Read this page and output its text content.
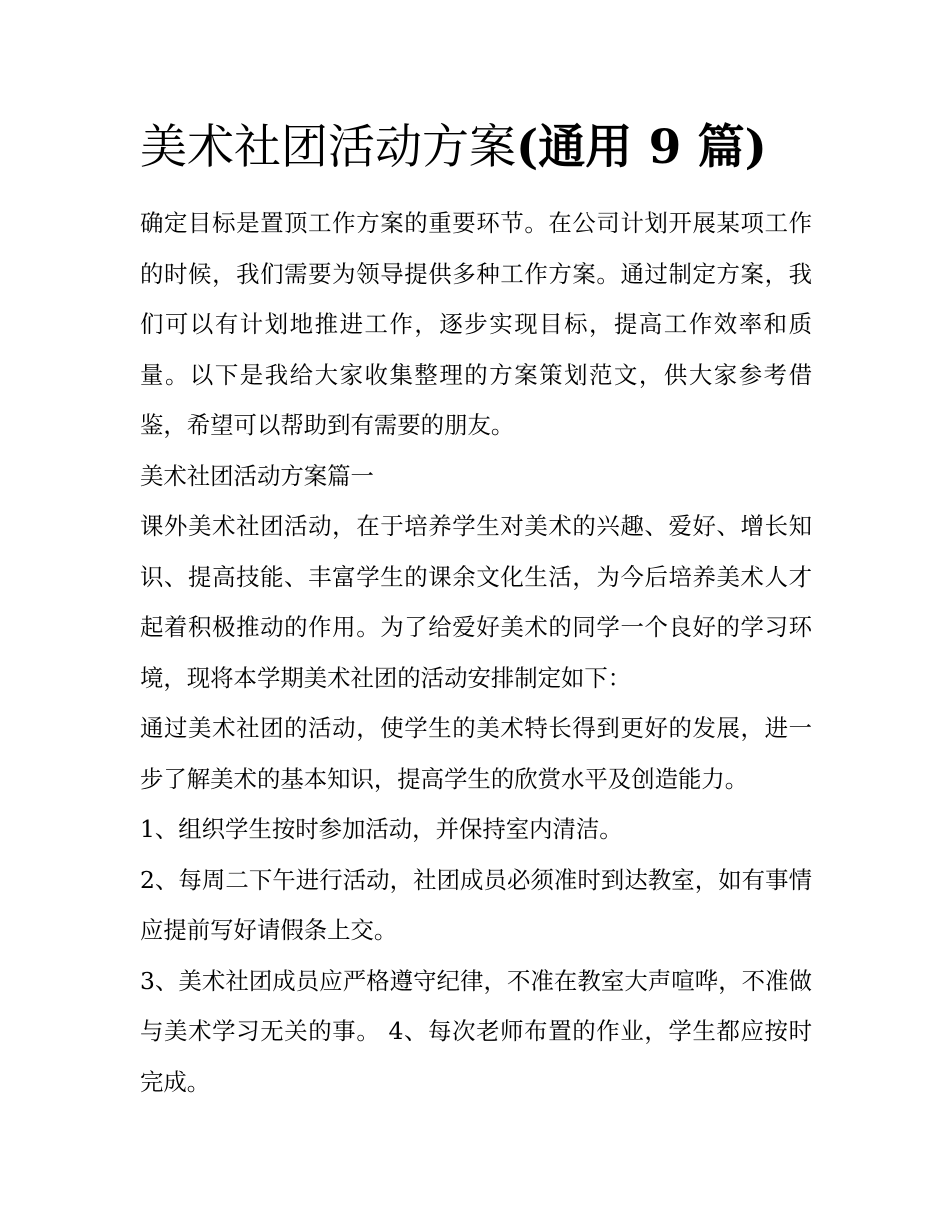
美术社团活动方案(通用 9 篇)

确定目标是置顶工作方案的重要环节。在公司计划开展某项工作的时候，我们需要为领导提供多种工作方案。通过制定方案，我们可以有计划地推进工作，逐步实现目标，提高工作效率和质量。以下是我给大家收集整理的方案策划范文，供大家参考借鉴，希望可以帮助到有需要的朋友。

美术社团活动方案篇一

课外美术社团活动，在于培养学生对美术的兴趣、爱好、增长知识、提高技能、丰富学生的课余文化生活，为今后培养美术人才起着积极推动的作用。为了给爱好美术的同学一个良好的学习环境，现将本学期美术社团的活动安排制定如下：

通过美术社团的活动，使学生的美术特长得到更好的发展，进一步了解美术的基本知识，提高学生的欣赏水平及创造能力。

1、组织学生按时参加活动，并保持室内清洁。

2、每周二下午进行活动，社团成员必须准时到达教室，如有事情应提前写好请假条上交。

3、美术社团成员应严格遵守纪律，不准在教室大声喧哗，不准做与美术学习无关的事。 4、每次老师布置的作业，学生都应按时完成。
